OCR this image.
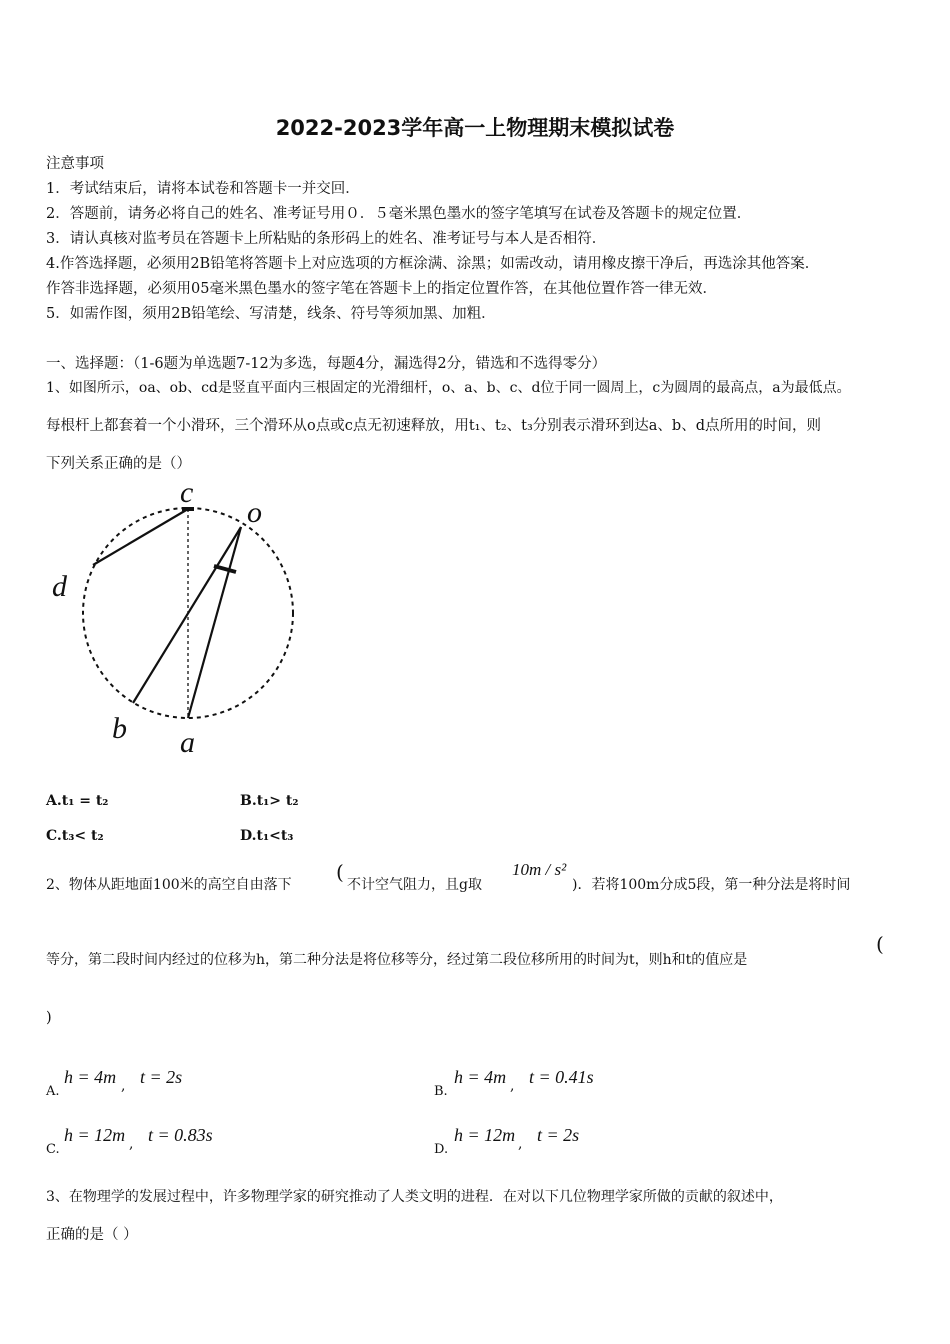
2022-2023学年高一上物理期末模拟试卷
注意事项
1．考试结束后，请将本试卷和答题卡一并交回．
2．答题前，请务必将自己的姓名、准考证号用０．５毫米黑色墨水的签字笔填写在试卷及答题卡的规定位置．
3．请认真核对监考员在答题卡上所粘贴的条形码上的姓名、准考证号与本人是否相符．
4.作答选择题，必须用2B铅笔将答题卡上对应选项的方框涂满、涂黑；如需改动，请用橡皮擦干净后，再选涂其他答案．
作答非选择题，必须用05毫米黑色墨水的签字笔在答题卡上的指定位置作答，在其他位置作答一律无效．
5．如需作图，须用2B铅笔绘、写清楚，线条、符号等须加黑、加粗．
一、选择题：（1-6题为单选题7-12为多选，每题4分，漏选得2分，错选和不选得零分）
1、如图所示，oa、ob、cd是竖直平面内三根固定的光滑细杆，o、a、b、c、d位于同一圆周上，c为圆周的最高点，a为最低点。
每根杆上都套着一个小滑环，三个滑环从o点或c点无初速释放，用t₁、t₂、t₃分别表示滑环到达a、b、d点所用的时间，则
下列关系正确的是（）
c
o
d
b a
A.t₁ = t₂	B.t₁> t₂
C.t₃< t₂	D.t₁<t₃
2、物体从距地面100米的高空自由落下
(
不计空气阻力，且g取
10m / s²
)．若将100m分成5段，第一种分法是将时间
等分，第二段时间内经过的位移为h，第二种分法是将位移等分，经过第二段位移所用的时间为t，则h和t的值应是
(
)
A.
h = 4m , t = 2s
B.
h = 4m , t = 0.41s
C.
h = 12m , t = 0.83s
D.
h = 12m , t = 2s
3、在物理学的发展过程中，许多物理学家的研究推动了人类文明的进程．在对以下几位物理学家所做的贡献的叙述中，
正确的是（ ）
